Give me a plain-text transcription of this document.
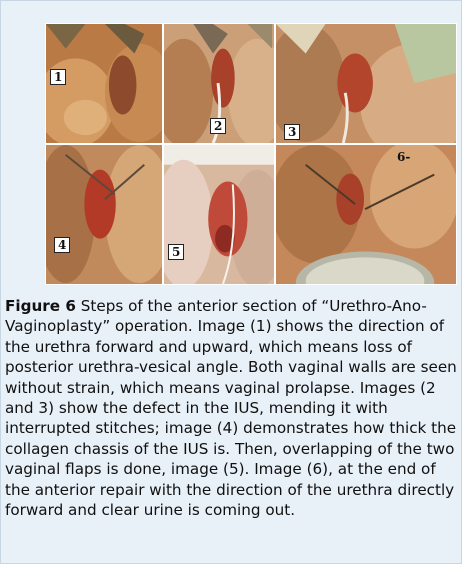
1
2	3
4	5
6-
Figure 6 Steps of the anterior section of “Urethro-Ano-Vaginoplasty” operation. Image (1) shows the direction of the urethra forward and upward, which means loss of posterior urethra-vesical angle. Both vaginal walls are seen without strain, which means vaginal prolapse. Images (2 and 3) show the defect in the IUS, mending it with interrupted stitches; image (4) demonstrates how thick the collagen chassis of the IUS is. Then, overlapping of the two vaginal flaps is done, image (5). Image (6), at the end of the anterior repair with the direction of the urethra directly forward and clear urine is coming out.
